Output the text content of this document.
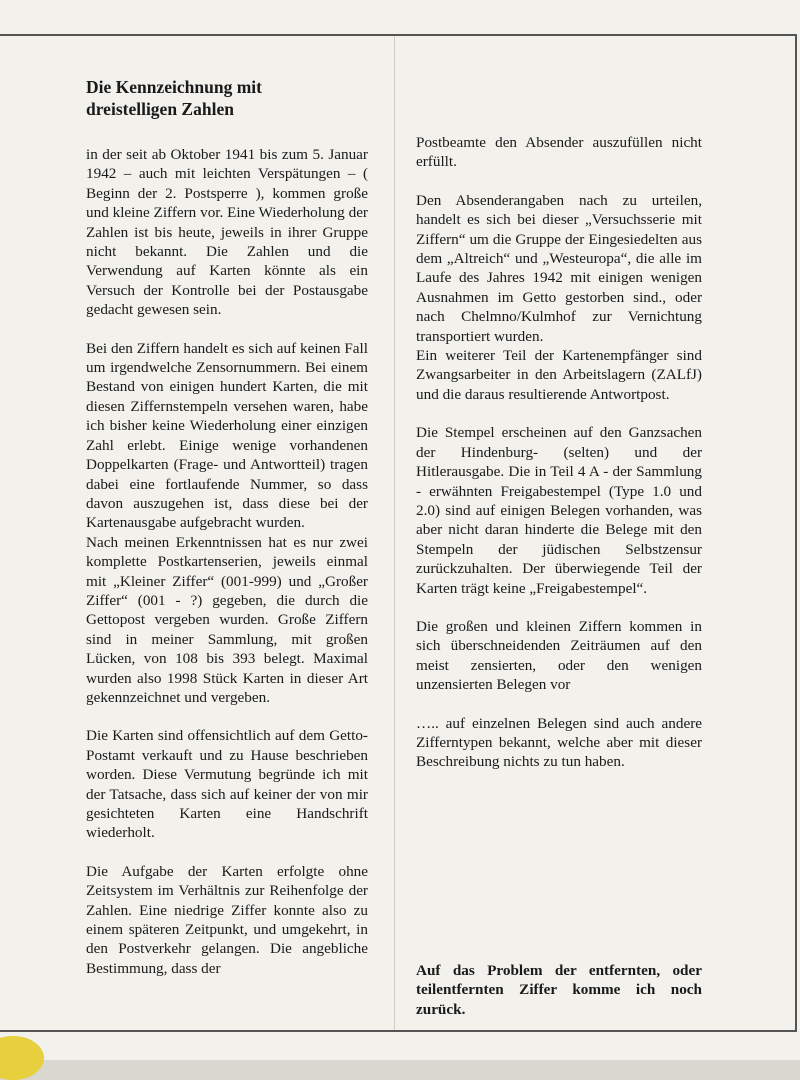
Die Kennzeichnung mit
dreistelligen Zahlen

in der seit ab Oktober 1941 bis zum 5. Januar 1942 – auch mit leichten Verspätungen – ( Beginn der 2. Postsperre ), kommen große und kleine Ziffern vor. Eine Wiederholung der Zahlen ist bis heute, jeweils in ihrer Gruppe nicht bekannt. Die Zahlen und die Verwendung auf Karten könnte als ein Versuch der Kontrolle bei der Postausgabe gedacht gewesen sein.

Bei den Ziffern handelt es sich auf keinen Fall um irgendwelche Zensornummern. Bei einem Bestand von einigen hundert Karten, die mit diesen Ziffernstempeln versehen waren, habe ich bisher keine Wiederholung einer einzigen Zahl erlebt. Einige wenige vorhandenen Doppelkarten (Frage- und Antwortteil) tragen dabei eine fortlaufende Nummer, so dass davon auszugehen ist, dass diese bei der Kartenausgabe aufgebracht wurden.

Nach meinen Erkenntnissen hat es nur zwei komplette Postkartenserien, jeweils einmal mit „Kleiner Ziffer“ (001-999) und „Großer Ziffer“ (001 - ?) gegeben, die durch die Gettopost vergeben wurden. Große Ziffern sind in meiner Sammlung, mit großen Lücken, von 108 bis 393 belegt. Maximal wurden also 1998 Stück Karten in dieser Art gekennzeichnet und vergeben.

Die Karten sind offensichtlich auf dem Getto-Postamt verkauft und zu Hause beschrieben worden. Diese Vermutung begründe ich mit der Tatsache, dass sich auf keiner der von mir gesichteten Karten eine Handschrift wiederholt.

Die Aufgabe der Karten erfolgte ohne Zeitsystem im Verhältnis zur Reihenfolge der Zahlen. Eine niedrige Ziffer konnte also zu einem späteren Zeitpunkt, und umgekehrt, in den Postverkehr gelangen. Die angebliche Bestimmung, dass der

Postbeamte den Absender auszufüllen nicht erfüllt.

Den Absenderangaben nach zu urteilen, handelt es sich bei dieser „Versuchsserie mit Ziffern“ um die Gruppe der Eingesiedelten aus dem „Altreich“ und „Westeuropa“, die alle im Laufe des Jahres 1942 mit einigen wenigen Ausnahmen im Getto gestorben sind., oder nach Chelmno/Kulmhof zur Vernichtung transportiert wurden.

Ein weiterer Teil der Kartenempfänger sind Zwangsarbeiter in den Arbeitslagern (ZALfJ) und die daraus resultierende Antwortpost.

Die Stempel erscheinen auf den Ganzsachen der Hindenburg- (selten) und der Hitlerausgabe. Die in Teil 4 A - der Sammlung - erwähnten Freigabestempel (Type 1.0 und 2.0) sind auf einigen Belegen vorhanden, was aber nicht daran hinderte die Belege mit den Stempeln der jüdischen Selbstzensur zurückzuhalten. Der überwiegende Teil der Karten trägt keine „Freigabestempel“.

Die großen und kleinen Ziffern kommen in sich überschneidenden Zeiträumen auf den meist zensierten, oder den wenigen unzensierten Belegen vor

….. auf einzelnen Belegen sind auch andere Zifferntypen bekannt, welche aber mit dieser Beschreibung nichts zu tun haben.

Auf das Problem der entfernten, oder teilentfernten Ziffer komme ich noch zurück.
